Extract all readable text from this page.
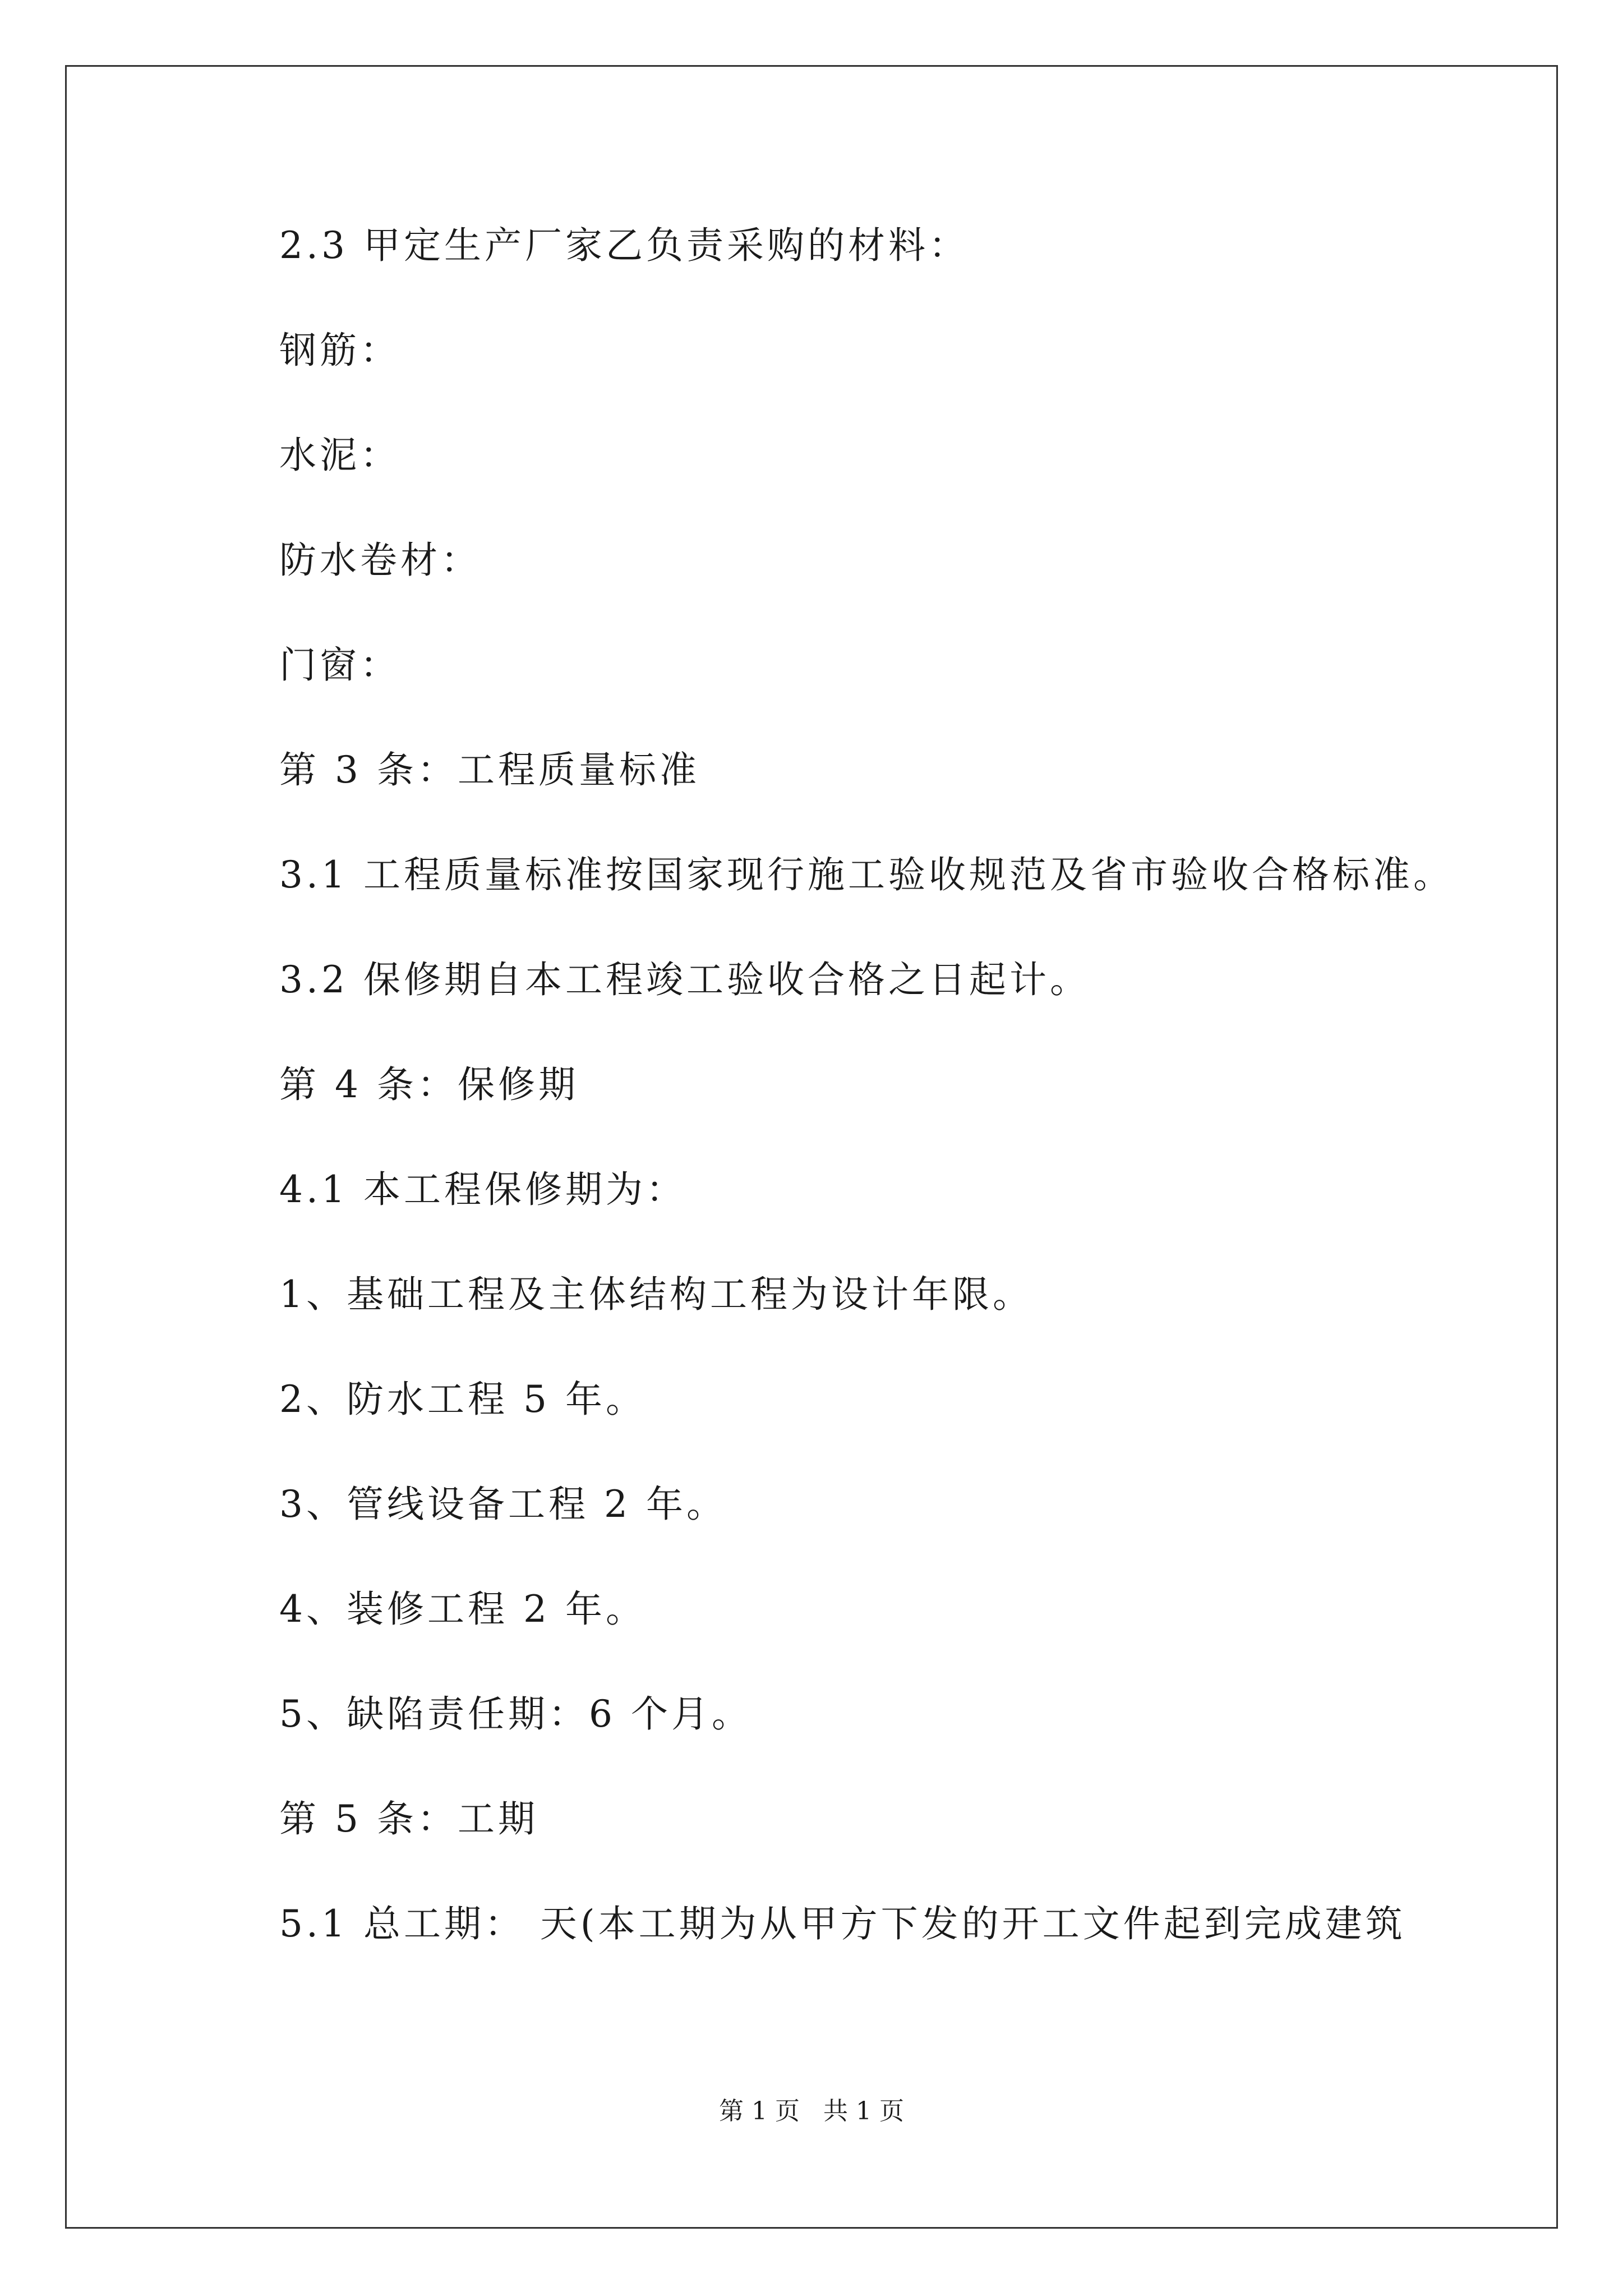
2.3 甲定生产厂家乙负责采购的材料：
钢筋：
水泥：
防水卷材：
门窗：
第 3 条：工程质量标准
3.1 工程质量标准按国家现行施工验收规范及省市验收合格标准。
3.2 保修期自本工程竣工验收合格之日起计。
第 4 条：保修期
4.1 本工程保修期为：
1、基础工程及主体结构工程为设计年限。
2、防水工程 5 年。
3、管线设备工程 2 年。
4、装修工程 2 年。
5、缺陷责任期：6 个月。
第 5 条：工期
5.1 总工期： 天(本工期为从甲方下发的开工文件起到完成建筑
第 1 页   共 1 页
